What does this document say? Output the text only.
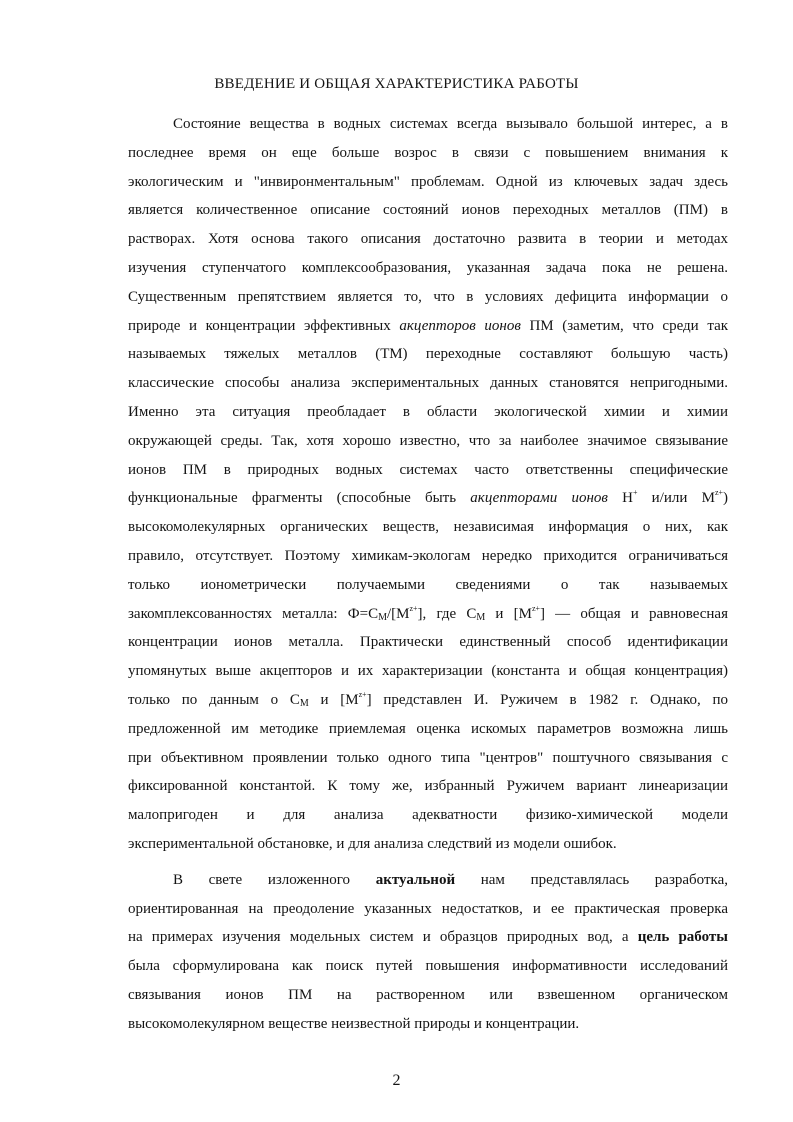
ВВЕДЕНИЕ И ОБЩАЯ ХАРАКТЕРИСТИКА РАБОТЫ
Состояние вещества в водных системах всегда вызывало большой интерес, а в
последнее время он еще больше возрос в связи с повышением внимания к
экологическим и "инвиронментальным" проблемам. Одной из ключевых задач здесь
является количественное описание состояний ионов переходных металлов (ПМ) в
растворах. Хотя основа такого описания достаточно развита в теории и методах
изучения ступенчатого комплексообразования, указанная задача пока не решена.
Существенным препятствием является то, что в условиях дефицита информации о
природе и концентрации эффективных акцепторов ионов ПМ (заметим, что среди так
называемых тяжелых металлов (ТМ) переходные составляют большую часть)
классические способы анализа экспериментальных данных становятся непригодными.
Именно эта ситуация преобладает в области экологической химии и химии
окружающей среды. Так, хотя хорошо известно, что за наиболее значимое связывание
ионов ПМ в природных водных системах часто ответственны специфические
функциональные фрагменты (способные быть акцепторами ионов H+ и/или $M^{z+}$)
высокомолекулярных органических веществ, независимая информация о них, как
правило, отсутствует. Поэтому химикам-экологам нередко приходится ограничиваться
только ионометрически получаемыми сведениями о так называемых
закомплексованностях металла: $Ф=C_M/[M^{z+}]$, где $C_M$ и $[M^{z+}]$ — общая и равновесная
концентрации ионов металла. Практически единственный способ идентификации
упомянутых выше акцепторов и их характеризации (константа и общая концентрация)
только по данным о $C_M$ и $[M^{z+}]$ представлен И. Ружичем в 1982 г. Однако, по
предложенной им методике приемлемая оценка искомых параметров возможна лишь
при объективном проявлении только одного типа "центров" поштучного связывания с
фиксированной константой. К тому же, избранный Ружичем вариант линеаризации
малопригоден и для анализа адекватности физико-химической модели
экспериментальной обстановке, и для анализа следствий из модели ошибок.
В свете изложенного актуальной нам представлялась разработка,
ориентированная на преодоление указанных недостатков, и ее практическая проверка
на примерах изучения модельных систем и образцов природных вод, а цель работы
была сформулирована как поиск путей повышения информативности исследований
связывания ионов ПМ на растворенном или взвешенном органическом
высокомолекулярном веществе неизвестной природы и концентрации.
2
